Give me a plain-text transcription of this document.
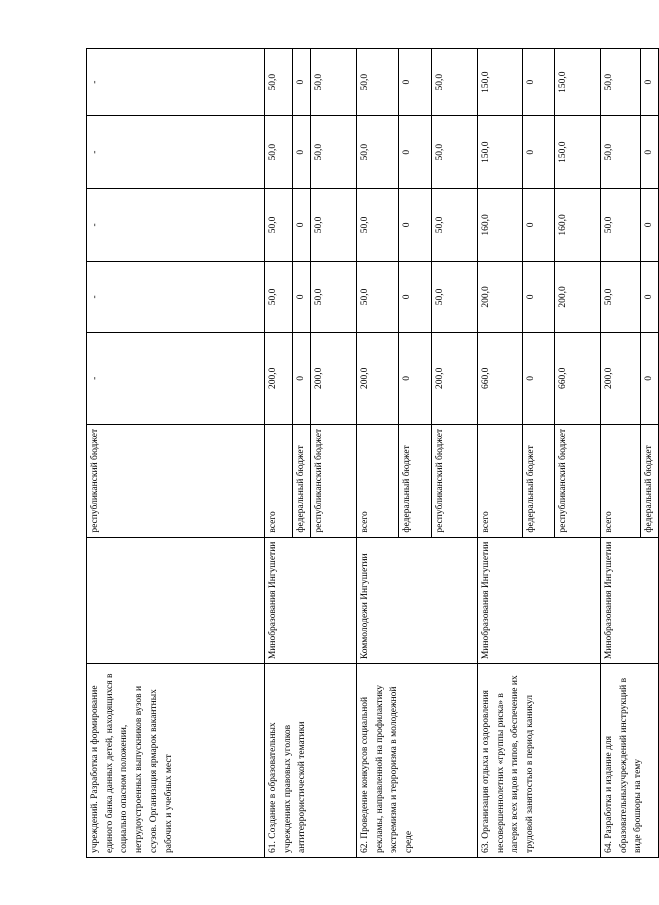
учреждений. Разработка и формирование единого банка данных детей, находящихся в социально опасном положении, нетрудоустроенных выпускников вузов и ссузов. Организация ярмарок вакантных рабочих и учебных мест		республиканский бюджет	-	-	-	-	-
61. Создание в образовательных учреждениях правовых уголков антитеррористической тематики	Минобразования Ингушетии	всего	200,0	50,0	50,0	50,0	50,0
		федеральный бюджет	0	0	0	0	0
		республиканский бюджет	200,0	50,0	50,0	50,0	50,0
62. Проведение конкурсов социальной рекламы, направленной на профилактику экстремизма и терроризма в молодежной среде	Коммолодежи Ингушетии	всего	200,0	50,0	50,0	50,0	50,0
		федеральный бюджет	0	0	0	0	0
		республиканский бюджет	200,0	50,0	50,0	50,0	50,0
63. Организация отдыха и оздоровления несовершеннолетних «группы риска» в лагерях всех видов и типов, обеспечение их трудовой занятостью в период каникул	Минобразования Ингушетии	всего	660,0	200,0	160,0	150,0	150,0
		федеральный бюджет	0	0	0	0	0
		республиканский бюджет	660,0	200,0	160,0	150,0	150,0
64. Разработка и издание для образовательныхучреждений инструкций в виде брошюры на тему	Минобразования Ингушетии	всего	200,0	50,0	50,0	50,0	50,0
		федеральный бюджет	0	0	0	0	0
